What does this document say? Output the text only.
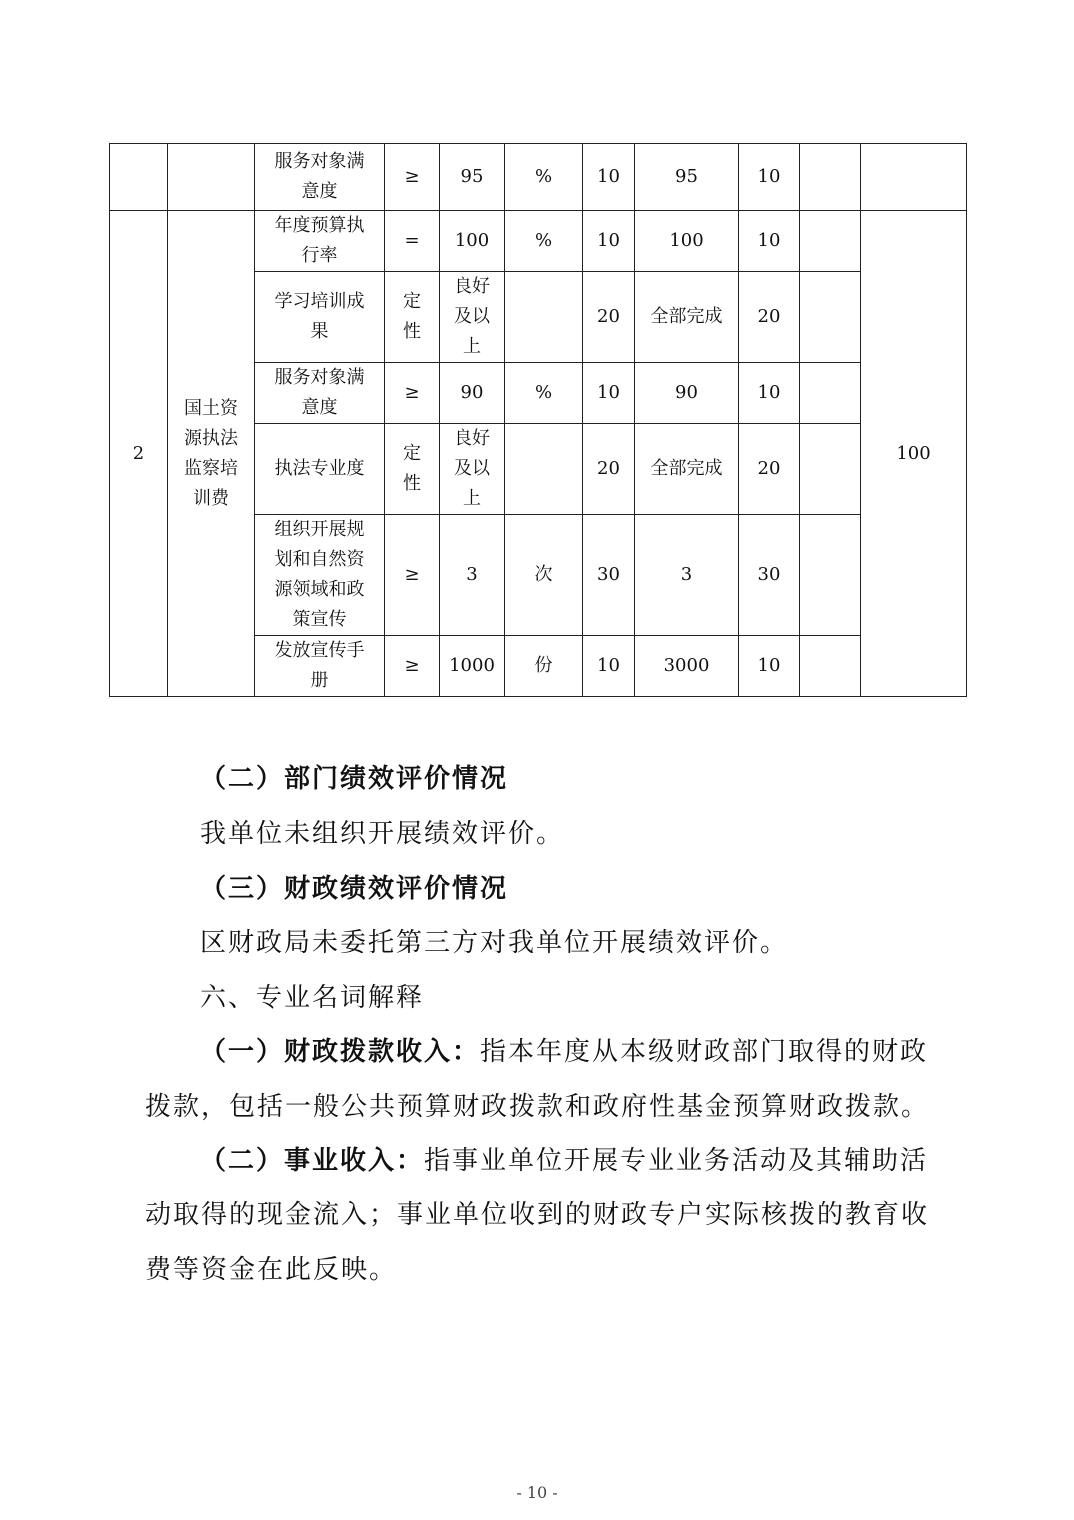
		服务对象满意度	≥	95	%	10	95	10		
2	国土资源执法监察培训费	年度预算执行率	=	100	%	10	100	10		100
		学习培训成果	定性	良好及以上		20	全部完成	20		
		服务对象满意度	≥	90	%	10	90	10		
		执法专业度	定性	良好及以上		20	全部完成	20		
		组织开展规划和自然资源领域和政策宣传	≥	3	次	30	3	30		
		发放宣传手册	≥	1000	份	10	3000	10		
（二）部门绩效评价情况
我单位未组织开展绩效评价。
（三）财政绩效评价情况
区财政局未委托第三方对我单位开展绩效评价。
六、专业名词解释
（一）财政拨款收入：指本年度从本级财政部门取得的财政
拨款，包括一般公共预算财政拨款和政府性基金预算财政拨款。
（二）事业收入：指事业单位开展专业业务活动及其辅助活
动取得的现金流入；事业单位收到的财政专户实际核拨的教育收
费等资金在此反映。
- 10 -
